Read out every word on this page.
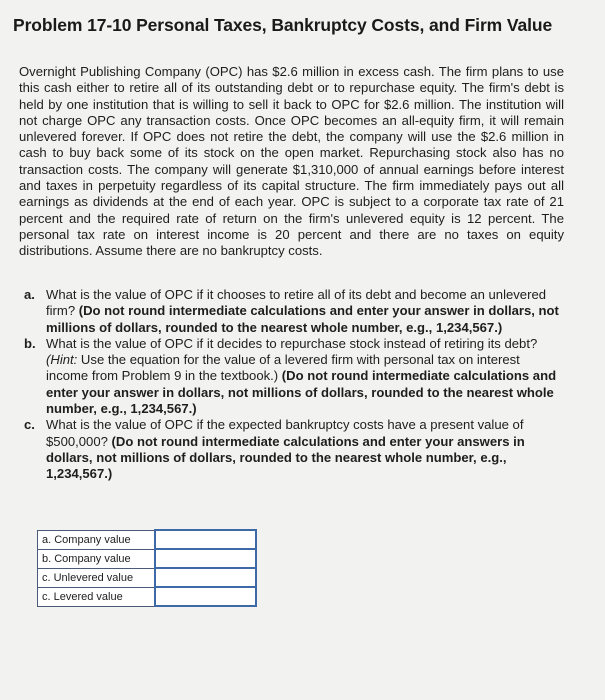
Problem 17-10 Personal Taxes, Bankruptcy Costs, and Firm Value
Overnight Publishing Company (OPC) has $2.6 million in excess cash. The firm plans to use this cash either to retire all of its outstanding debt or to repurchase equity. The firm's debt is held by one institution that is willing to sell it back to OPC for $2.6 million. The institution will not charge OPC any transaction costs. Once OPC becomes an all-equity firm, it will remain unlevered forever. If OPC does not retire the debt, the company will use the $2.6 million in cash to buy back some of its stock on the open market. Repurchasing stock also has no transaction costs. The company will generate $1,310,000 of annual earnings before interest and taxes in perpetuity regardless of its capital structure. The firm immediately pays out all earnings as dividends at the end of each year. OPC is subject to a corporate tax rate of 21 percent and the required rate of return on the firm's unlevered equity is 12 percent. The personal tax rate on interest income is 20 percent and there are no taxes on equity distributions. Assume there are no bankruptcy costs.
a. What is the value of OPC if it chooses to retire all of its debt and become an unlevered firm? (Do not round intermediate calculations and enter your answer in dollars, not millions of dollars, rounded to the nearest whole number, e.g., 1,234,567.)
b. What is the value of OPC if it decides to repurchase stock instead of retiring its debt? (Hint: Use the equation for the value of a levered firm with personal tax on interest income from Problem 9 in the textbook.) (Do not round intermediate calculations and enter your answer in dollars, not millions of dollars, rounded to the nearest whole number, e.g., 1,234,567.)
c. What is the value of OPC if the expected bankruptcy costs have a present value of $500,000? (Do not round intermediate calculations and enter your answers in dollars, not millions of dollars, rounded to the nearest whole number, e.g., 1,234,567.)
a. Company value	
b. Company value	
c. Unlevered value	
c. Levered value	
